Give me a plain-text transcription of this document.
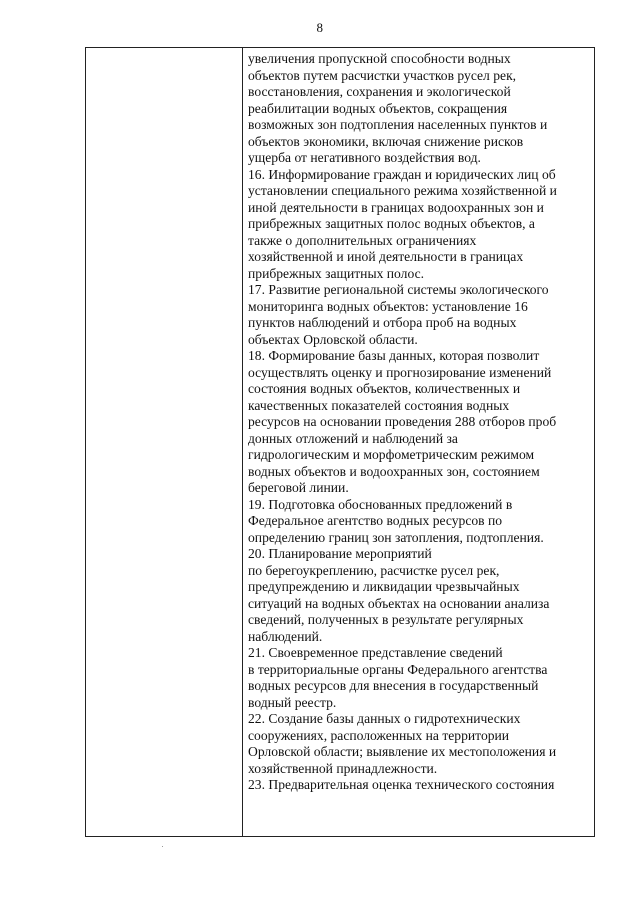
8
увеличения пропускной способности водных
объектов путем расчистки участков русел рек,
восстановления, сохранения и экологической
реабилитации водных объектов, сокращения
возможных зон подтопления населенных пунктов и
объектов экономики, включая снижение рисков
ущерба от негативного воздействия вод.
16. Информирование граждан и юридических лиц об
установлении специального режима хозяйственной и
иной деятельности в границах водоохранных зон и
прибрежных защитных полос водных объектов, а
также о дополнительных ограничениях
хозяйственной и иной деятельности в границах
прибрежных защитных полос.
17. Развитие региональной системы экологического
мониторинга водных объектов: установление 16
пунктов наблюдений и отбора проб на водных
объектах Орловской области.
18. Формирование базы данных, которая позволит
осуществлять оценку и прогнозирование изменений
состояния водных объектов, количественных и
качественных показателей состояния водных
ресурсов на основании проведения 288 отборов проб
донных отложений и наблюдений за
гидрологическим и морфометрическим режимом
водных объектов и водоохранных зон, состоянием
береговой линии.
19. Подготовка обоснованных предложений в
Федеральное агентство водных ресурсов по
определению границ зон затопления, подтопления.
20. Планирование мероприятий
по берегоукреплению, расчистке русел рек,
предупреждению и ликвидации чрезвычайных
ситуаций на водных объектах на основании анализа
сведений, полученных в результате регулярных
наблюдений.
21. Своевременное представление сведений
в территориальные органы Федерального агентства
водных ресурсов для внесения в государственный
водный реестр.
22. Создание базы данных о гидротехнических
сооружениях, расположенных на территории
Орловской области; выявление их местоположения и
хозяйственной принадлежности.
23. Предварительная оценка технического состояния
